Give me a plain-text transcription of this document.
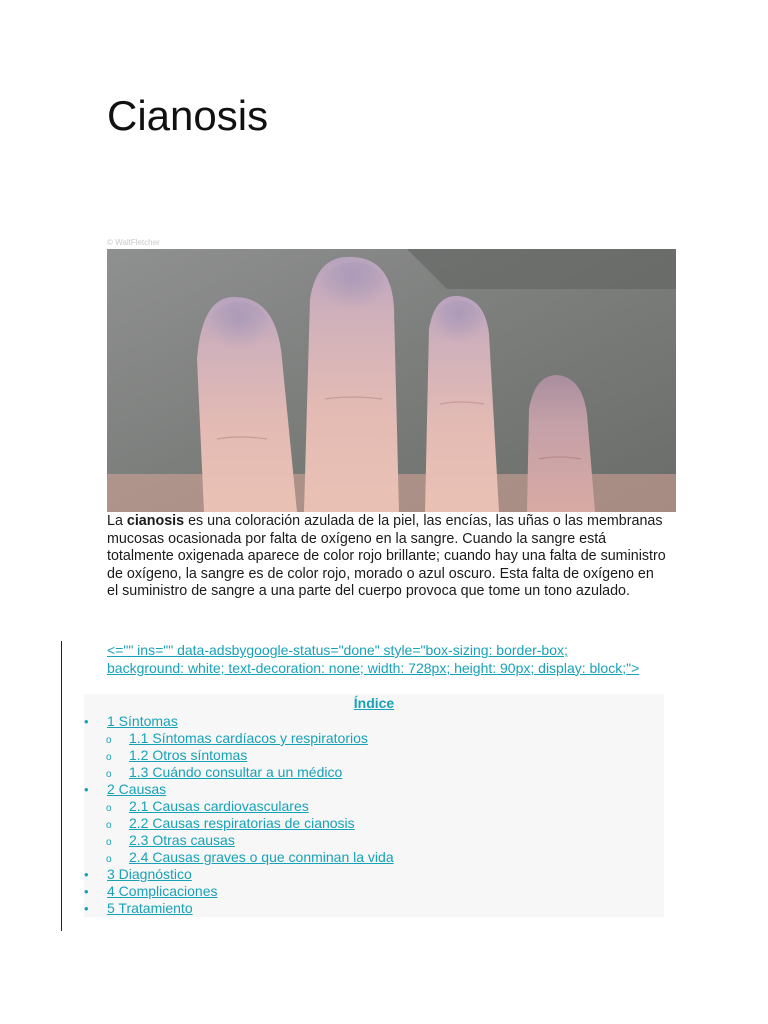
Cianosis
© WaltFletcher

La cianosis es una coloración azulada de la piel, las encías, las uñas o las membranas mucosas ocasionada por falta de oxígeno en la sangre. Cuando la sangre está totalmente oxigenada aparece de color rojo brillante; cuando hay una falta de suministro de oxígeno, la sangre es de color rojo, morado o azul oscuro. Esta falta de oxígeno en el suministro de sangre a una parte del cuerpo provoca que tome un tono azulado.

<="" ins="" data-adsbygoogle-status="done" style="box-sizing: border-box; background: white; text-decoration: none; width: 728px; height: 90px; display: block;">

Índice
• 1 Síntomas
o 1.1 Síntomas cardíacos y respiratorios
o 1.2 Otros síntomas
o 1.3 Cuándo consultar a un médico
• 2 Causas
o 2.1 Causas cardiovasculares
o 2.2 Causas respiratorias de cianosis
o 2.3 Otras causas
o 2.4 Causas graves o que conminan la vida
• 3 Diagnóstico
• 4 Complicaciones
• 5 Tratamiento
